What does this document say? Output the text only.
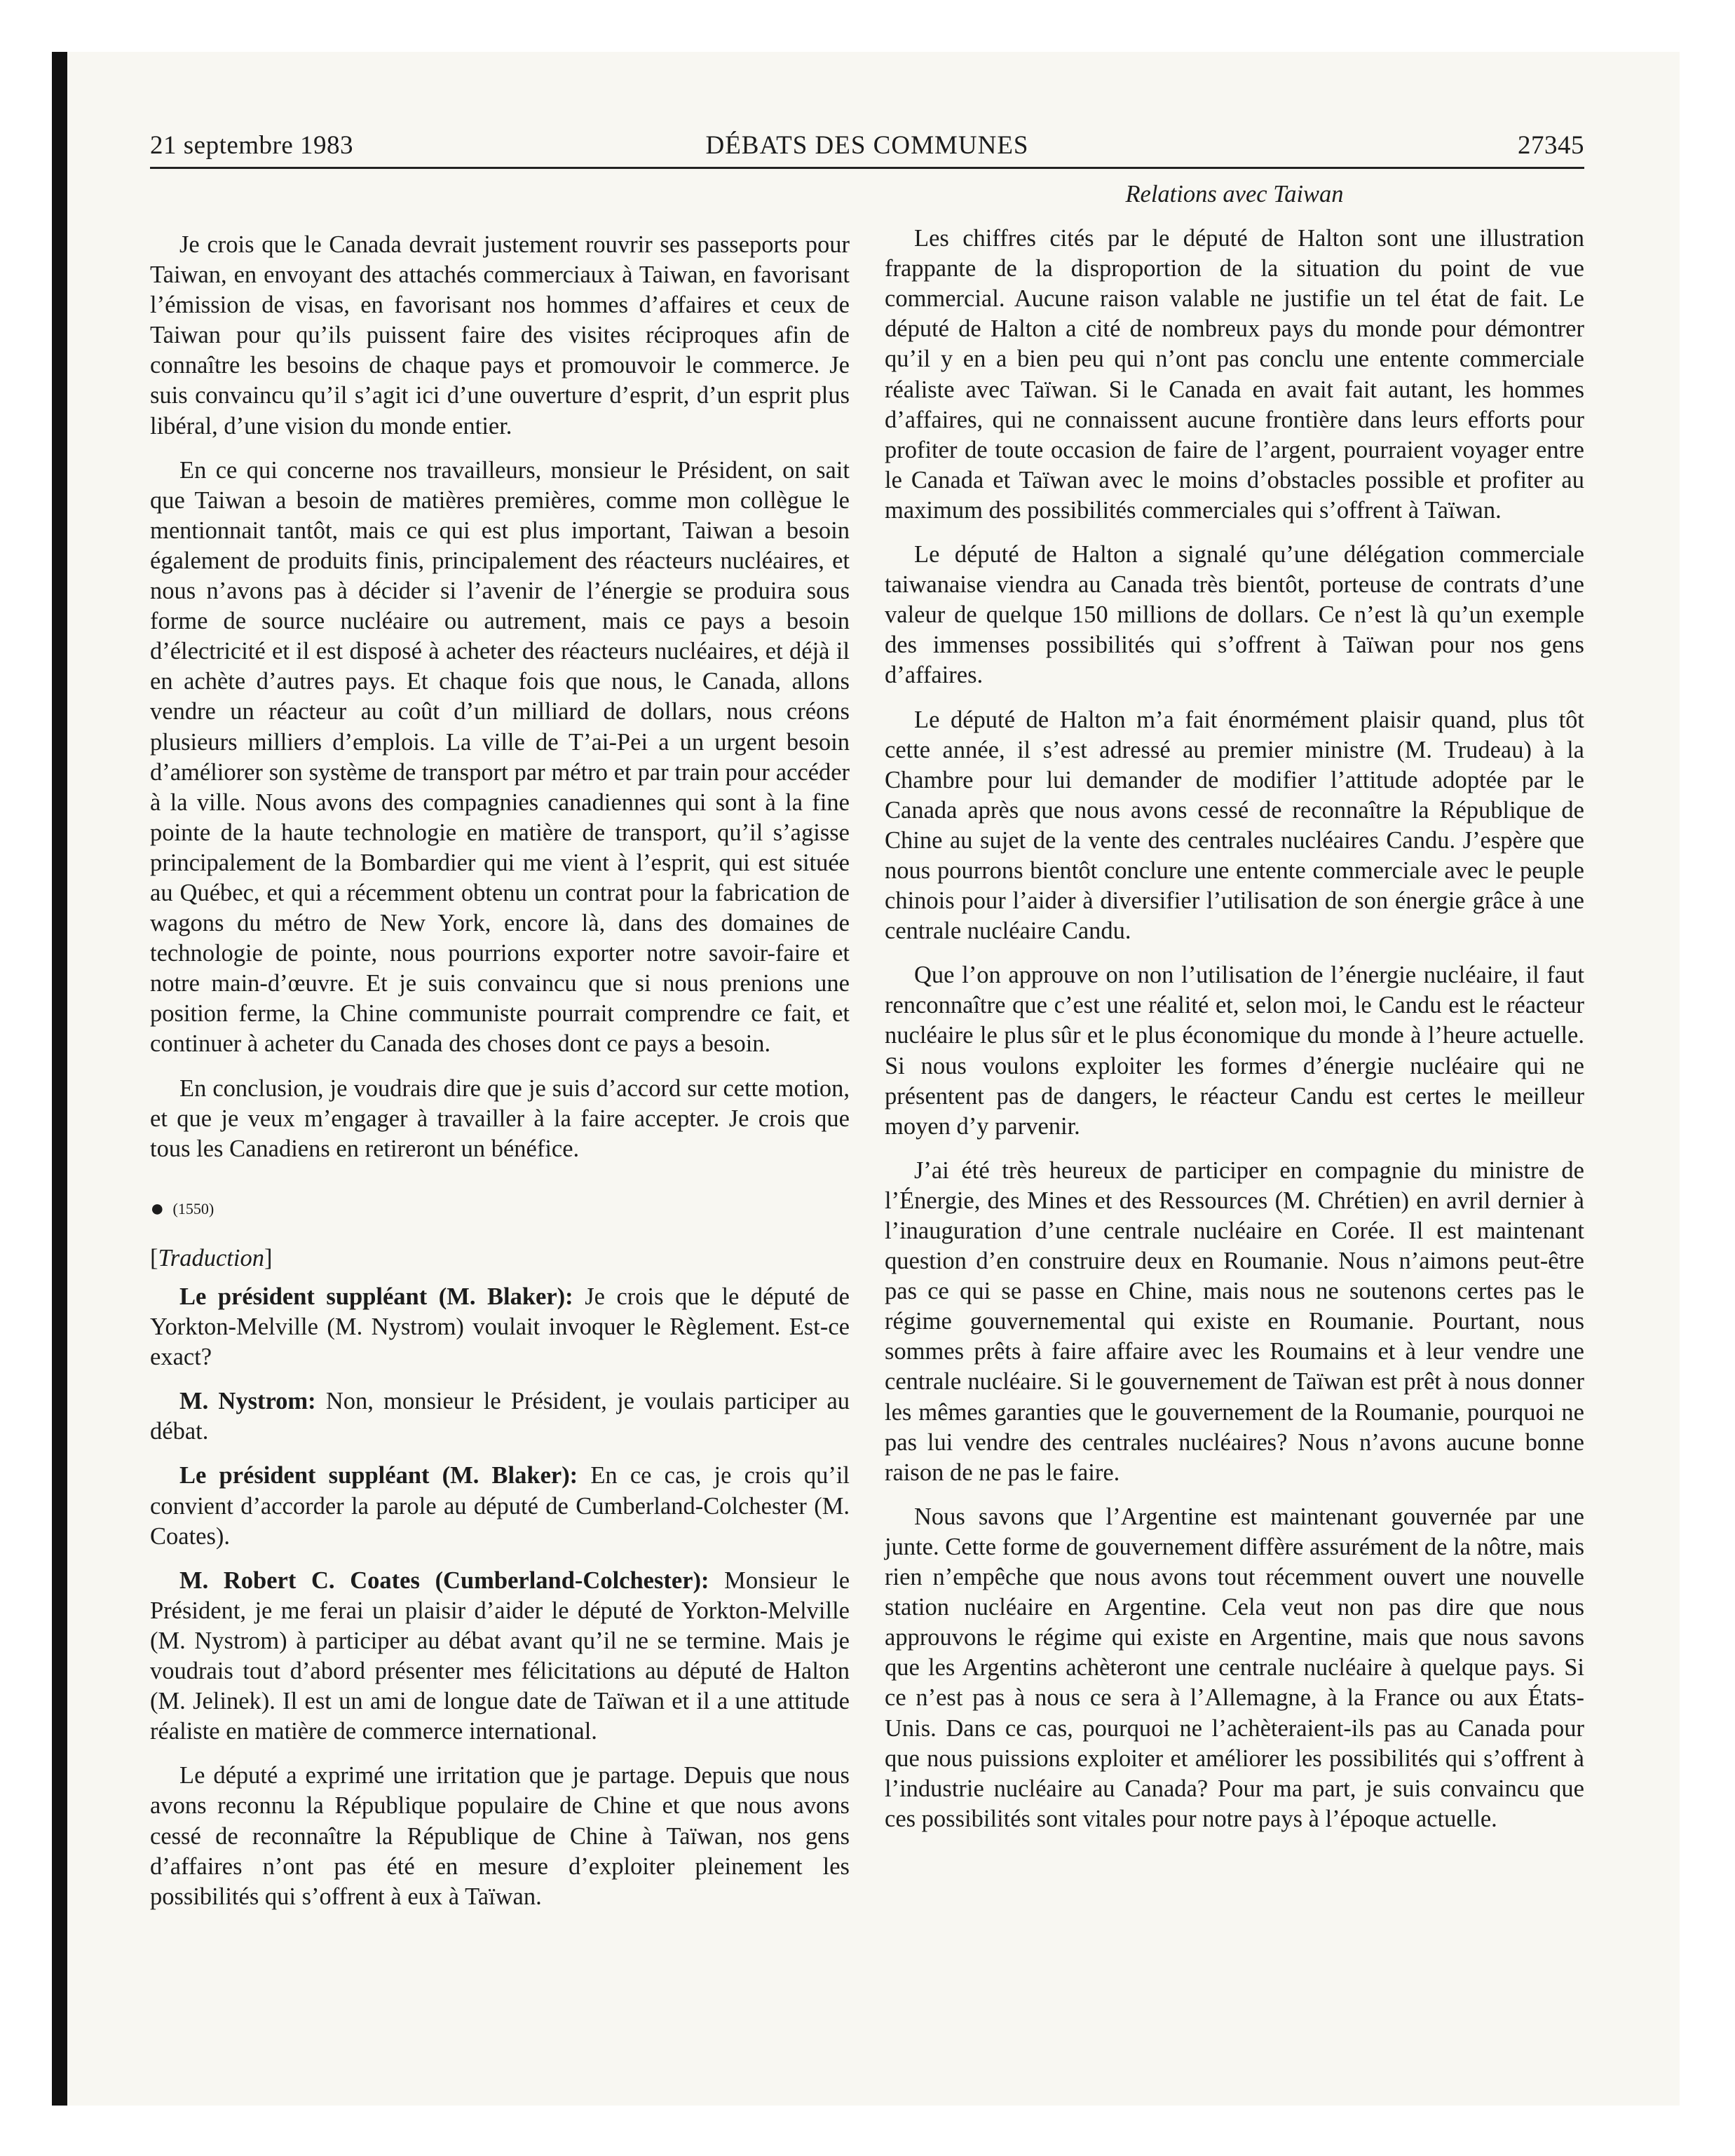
21 septembre 1983	DÉBATS DES COMMUNES	27345

Je crois que le Canada devrait justement rouvrir ses passeports pour Taiwan, en envoyant des attachés commerciaux à Taiwan, en favorisant l’émission de visas, en favorisant nos hommes d’affaires et ceux de Taiwan pour qu’ils puissent faire des visites réciproques afin de connaître les besoins de chaque pays et promouvoir le commerce. Je suis convaincu qu’il s’agit ici d’une ouverture d’esprit, d’un esprit plus libéral, d’une vision du monde entier.

En ce qui concerne nos travailleurs, monsieur le Président, on sait que Taiwan a besoin de matières premières, comme mon collègue le mentionnait tantôt, mais ce qui est plus important, Taiwan a besoin également de produits finis, principalement des réacteurs nucléaires, et nous n’avons pas à décider si l’avenir de l’énergie se produira sous forme de source nucléaire ou autrement, mais ce pays a besoin d’électricité et il est disposé à acheter des réacteurs nucléaires, et déjà il en achète d’autres pays. Et chaque fois que nous, le Canada, allons vendre un réacteur au coût d’un milliard de dollars, nous créons plusieurs milliers d’emplois. La ville de T’ai-Pei a un urgent besoin d’améliorer son système de transport par métro et par train pour accéder à la ville. Nous avons des compagnies canadiennes qui sont à la fine pointe de la haute technologie en matière de transport, qu’il s’agisse principalement de la Bombardier qui me vient à l’esprit, qui est située au Québec, et qui a récemment obtenu un contrat pour la fabrication de wagons du métro de New York, encore là, dans des domaines de technologie de pointe, nous pourrions exporter notre savoir-faire et notre main-d’œuvre. Et je suis convaincu que si nous prenions une position ferme, la Chine communiste pourrait comprendre ce fait, et continuer à acheter du Canada des choses dont ce pays a besoin.

En conclusion, je voudrais dire que je suis d’accord sur cette motion, et que je veux m’engager à travailler à la faire accepter. Je crois que tous les Canadiens en retireront un bénéfice.

● (1550)

[Traduction]

Le président suppléant (M. Blaker): Je crois que le député de Yorkton-Melville (M. Nystrom) voulait invoquer le Règlement. Est-ce exact?

M. Nystrom: Non, monsieur le Président, je voulais participer au débat.

Le président suppléant (M. Blaker): En ce cas, je crois qu’il convient d’accorder la parole au député de Cumberland-Colchester (M. Coates).

M. Robert C. Coates (Cumberland-Colchester): Monsieur le Président, je me ferai un plaisir d’aider le député de Yorkton-Melville (M. Nystrom) à participer au débat avant qu’il ne se termine. Mais je voudrais tout d’abord présenter mes félicitations au député de Halton (M. Jelinek). Il est un ami de longue date de Taïwan et il a une attitude réaliste en matière de commerce international.

Le député a exprimé une irritation que je partage. Depuis que nous avons reconnu la République populaire de Chine et que nous avons cessé de reconnaître la République de Chine à Taïwan, nos gens d’affaires n’ont pas été en mesure d’exploiter pleinement les possibilités qui s’offrent à eux à Taïwan.

Relations avec Taiwan

Les chiffres cités par le député de Halton sont une illustration frappante de la disproportion de la situation du point de vue commercial. Aucune raison valable ne justifie un tel état de fait. Le député de Halton a cité de nombreux pays du monde pour démontrer qu’il y en a bien peu qui n’ont pas conclu une entente commerciale réaliste avec Taïwan. Si le Canada en avait fait autant, les hommes d’affaires, qui ne connaissent aucune frontière dans leurs efforts pour profiter de toute occasion de faire de l’argent, pourraient voyager entre le Canada et Taïwan avec le moins d’obstacles possible et profiter au maximum des possibilités commerciales qui s’offrent à Taïwan.

Le député de Halton a signalé qu’une délégation commerciale taiwanaise viendra au Canada très bientôt, porteuse de contrats d’une valeur de quelque 150 millions de dollars. Ce n’est là qu’un exemple des immenses possibilités qui s’offrent à Taïwan pour nos gens d’affaires.

Le député de Halton m’a fait énormément plaisir quand, plus tôt cette année, il s’est adressé au premier ministre (M. Trudeau) à la Chambre pour lui demander de modifier l’attitude adoptée par le Canada après que nous avons cessé de reconnaître la République de Chine au sujet de la vente des centrales nucléaires Candu. J’espère que nous pourrons bientôt conclure une entente commerciale avec le peuple chinois pour l’aider à diversifier l’utilisation de son énergie grâce à une centrale nucléaire Candu.

Que l’on approuve on non l’utilisation de l’énergie nucléaire, il faut renconnaître que c’est une réalité et, selon moi, le Candu est le réacteur nucléaire le plus sûr et le plus économique du monde à l’heure actuelle. Si nous voulons exploiter les formes d’énergie nucléaire qui ne présentent pas de dangers, le réacteur Candu est certes le meilleur moyen d’y parvenir.

J’ai été très heureux de participer en compagnie du ministre de l’Énergie, des Mines et des Ressources (M. Chrétien) en avril dernier à l’inauguration d’une centrale nucléaire en Corée. Il est maintenant question d’en construire deux en Roumanie. Nous n’aimons peut-être pas ce qui se passe en Chine, mais nous ne soutenons certes pas le régime gouvernemental qui existe en Roumanie. Pourtant, nous sommes prêts à faire affaire avec les Roumains et à leur vendre une centrale nucléaire. Si le gouvernement de Taïwan est prêt à nous donner les mêmes garanties que le gouvernement de la Roumanie, pourquoi ne pas lui vendre des centrales nucléaires? Nous n’avons aucune bonne raison de ne pas le faire.

Nous savons que l’Argentine est maintenant gouvernée par une junte. Cette forme de gouvernement diffère assurément de la nôtre, mais rien n’empêche que nous avons tout récemment ouvert une nouvelle station nucléaire en Argentine. Cela veut non pas dire que nous approuvons le régime qui existe en Argentine, mais que nous savons que les Argentins achèteront une centrale nucléaire à quelque pays. Si ce n’est pas à nous ce sera à l’Allemagne, à la France ou aux États-Unis. Dans ce cas, pourquoi ne l’achèteraient-ils pas au Canada pour que nous puissions exploiter et améliorer les possibilités qui s’offrent à l’industrie nucléaire au Canada? Pour ma part, je suis convaincu que ces possibilités sont vitales pour notre pays à l’époque actuelle.
